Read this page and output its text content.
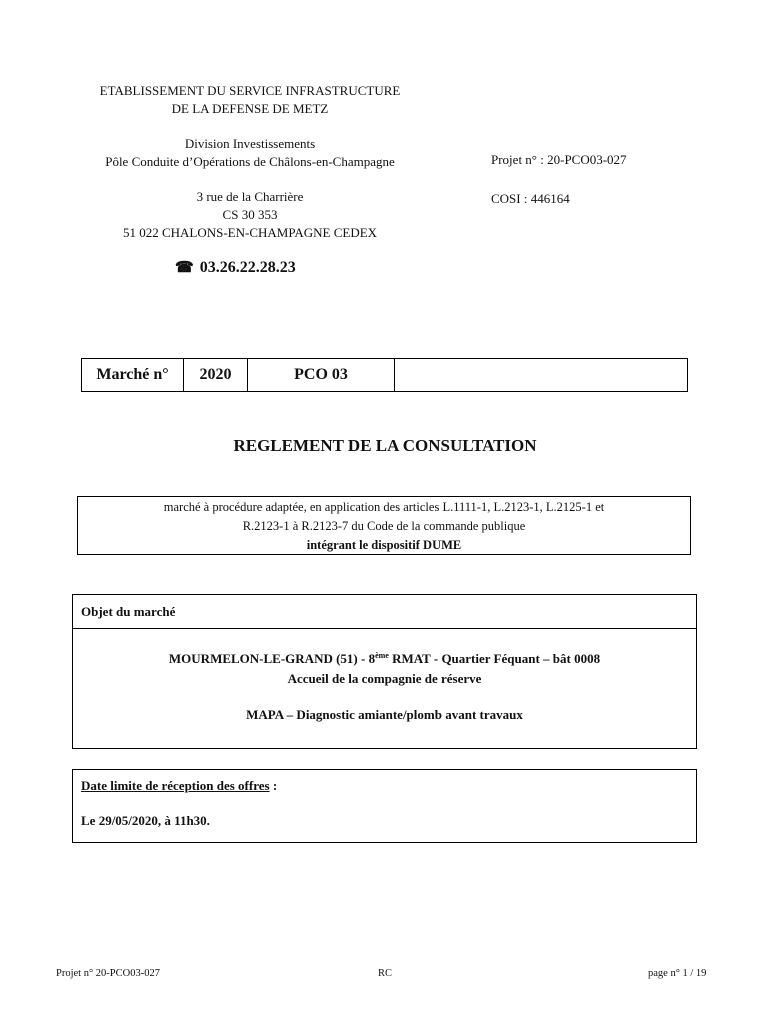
ETABLISSEMENT DU SERVICE INFRASTRUCTURE
DE LA DEFENSE DE METZ
Division Investissements
Pôle Conduite d’Opérations de Châlons-en-Champagne
3 rue de la Charrière
CS 30 353
51 022 CHALONS-EN-CHAMPAGNE CEDEX
☎ 03.26.22.28.23
Projet n° : 20-PCO03-027
COSI : 446164
Marché n°	2020	PCO 03
REGLEMENT DE LA CONSULTATION
marché à procédure adaptée, en application des articles L.1111-1, L.2123-1, L.2125-1 et
R.2123-1 à R.2123-7 du Code de la commande publique
intégrant le dispositif DUME
Objet du marché
MOURMELON-LE-GRAND (51) - 8ème RMAT - Quartier Féquant – bât 0008
Accueil de la compagnie de réserve
MAPA – Diagnostic amiante/plomb avant travaux
Date limite de réception des offres :
Le 29/05/2020, à 11h30.
Projet n° 20-PCO03-027	RC	page n° 1 / 19
